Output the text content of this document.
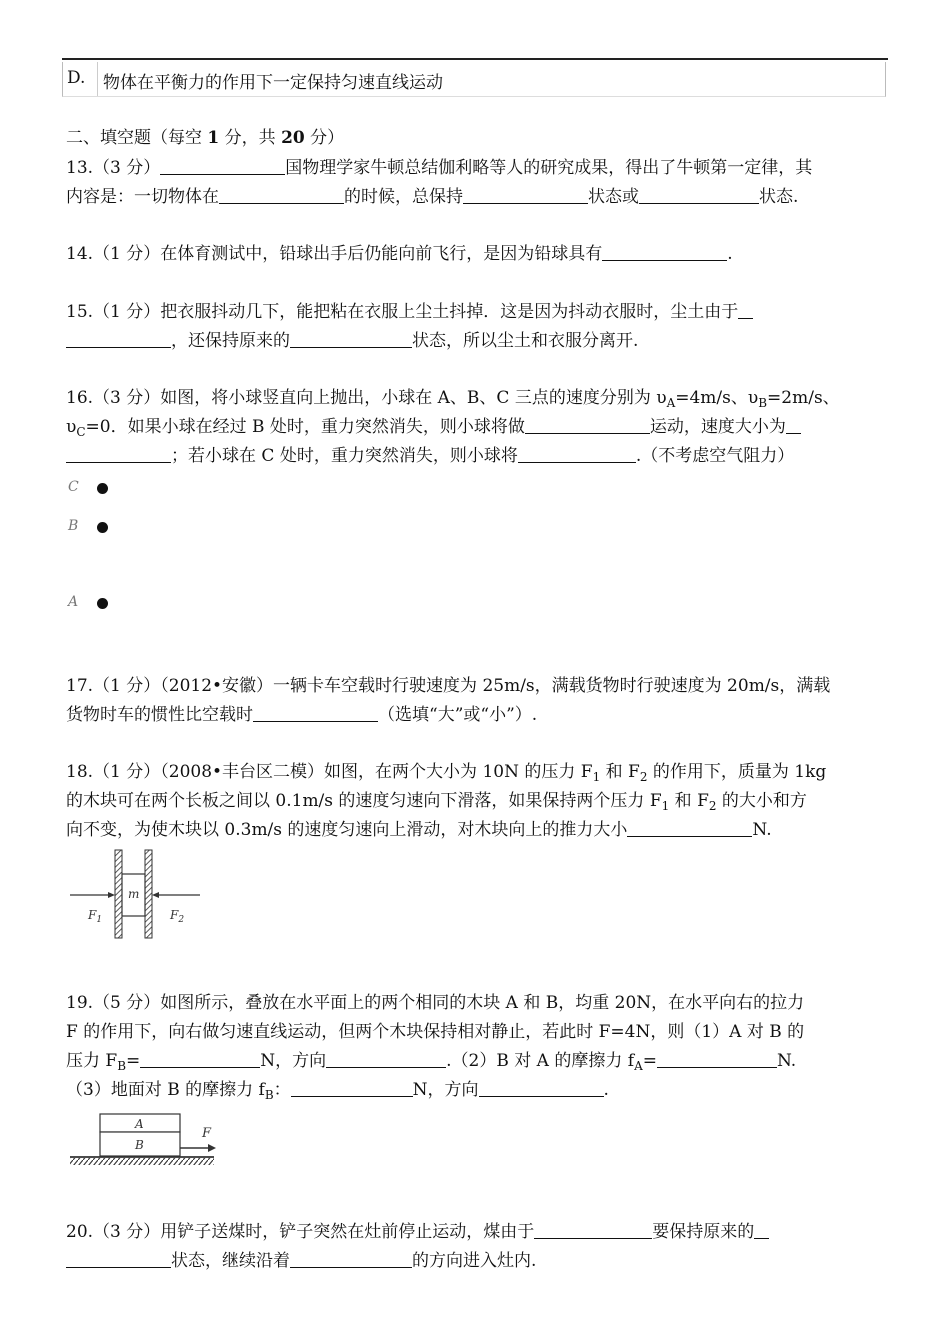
D. 物体在平衡力的作用下一定保持匀速直线运动
二、填空题（每空 1 分，共 20 分）
13.（3 分）	国物理学家牛顿总结伽利略等人的研究成果，得出了牛顿第一定律，其
内容是：一切物体在	的时候，总保持	状态或	状态.
14.（1 分）在体育测试中，铅球出手后仍能向前飞行，是因为铅球具有	.
15.（1 分）把衣服抖动几下，能把粘在衣服上尘土抖掉．这是因为抖动衣服时，尘土由于
，还保持原来的	状态，所以尘土和衣服分离开.
16.（3 分）如图，将小球竖直向上抛出，小球在 A、B、C 三点的速度分别为 $\upsilon_A=4m/s$、$\upsilon_B=2m/s$、
$\upsilon_C=0$．如果小球在经过 B 处时，重力突然消失，则小球将做	运动，速度大小为
；若小球在 C 处时，重力突然消失，则小球将	.（不考虑空气阻力）
C
B
A
17.（1 分）（2012•安徽）一辆卡车空载时行驶速度为 25m/s，满载货物时行驶速度为 20m/s，满载
货物时车的惯性比空载时	（选填“大”或“小”）.
18.（1 分）（2008•丰台区二模）如图，在两个大小为 10N 的压力 $F_1$ 和 $F_2$ 的作用下，质量为 1kg
的木块可在两个长板之间以 0.1m/s 的速度匀速向下滑落，如果保持两个压力 $F_1$ 和 $F_2$ 的大小和方
向不变，为使木块以 0.3m/s 的速度匀速向上滑动，对木块向上的推力大小	N.
m
$F_1$	$F_2$
19.（5 分）如图所示，叠放在水平面上的两个相同的木块 A 和 B，均重 20N，在水平向右的拉力
F 的作用下，向右做匀速直线运动，但两个木块保持相对静止，若此时 F=4N，则（1）A 对 B 的
压力 $F_B=$	N，方向	.（2）B 对 A 的摩擦力 $f_A=$	N.
（3）地面对 B 的摩擦力 $f_B$：	N，方向	.
A
B
F
20.（3 分）用铲子送煤时，铲子突然在灶前停止运动，煤由于	要保持原来的
状态，继续沿着	的方向进入灶内.
